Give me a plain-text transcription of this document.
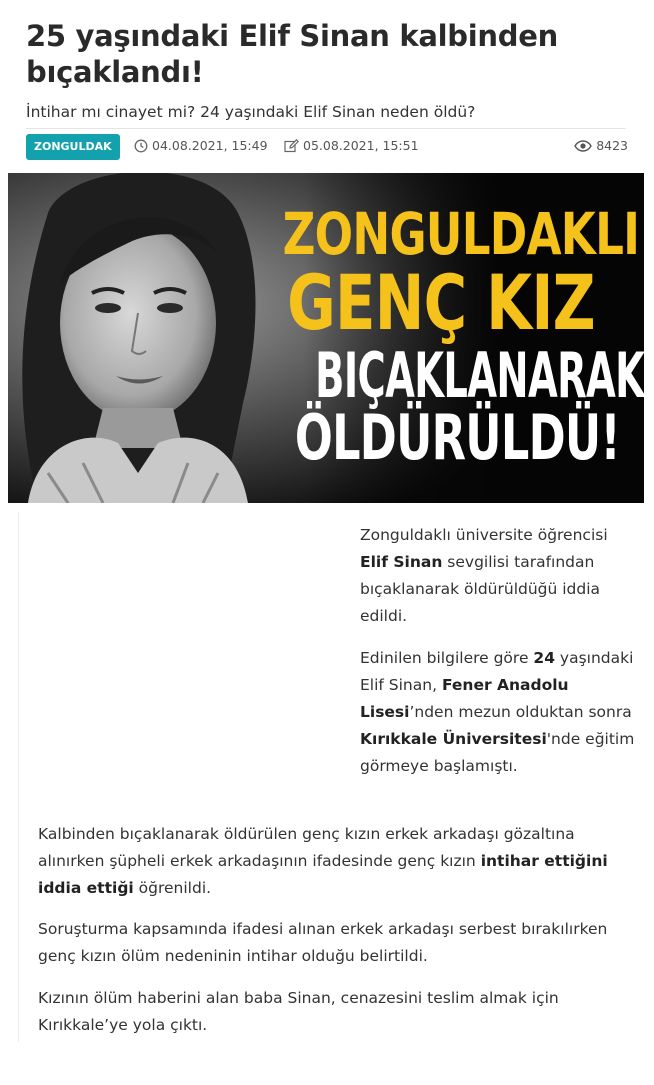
25 yaşındaki Elif Sinan kalbinden bıçaklandı!

İntihar mı cinayet mi? 24 yaşındaki Elif Sinan neden öldü?

ZONGULDAK	04.08.2021, 15:49	05.08.2021, 15:51	8423
ZONGULDAKLI
GENÇ KIZ
BIÇAKLANARAK
ÖLDÜRÜLDÜ!

Zonguldaklı üniversite öğrencisi Elif Sinan sevgilisi tarafından bıçaklanarak öldürüldüğü iddia edildi.

Edinilen bilgilere göre 24 yaşındaki Elif Sinan, Fener Anadolu Lisesi’nden mezun olduktan sonra Kırıkkale Üniversitesi'nde eğitim görmeye başlamıştı.

Kalbinden bıçaklanarak öldürülen genç kızın erkek arkadaşı gözaltına alınırken şüpheli erkek arkadaşının ifadesinde genç kızın intihar ettiğini iddia ettiği öğrenildi.

Soruşturma kapsamında ifadesi alınan erkek arkadaşı serbest bırakılırken genç kızın ölüm nedeninin intihar olduğu belirtildi.

Kızının ölüm haberini alan baba Sinan, cenazesini teslim almak için Kırıkkale’ye yola çıktı.
